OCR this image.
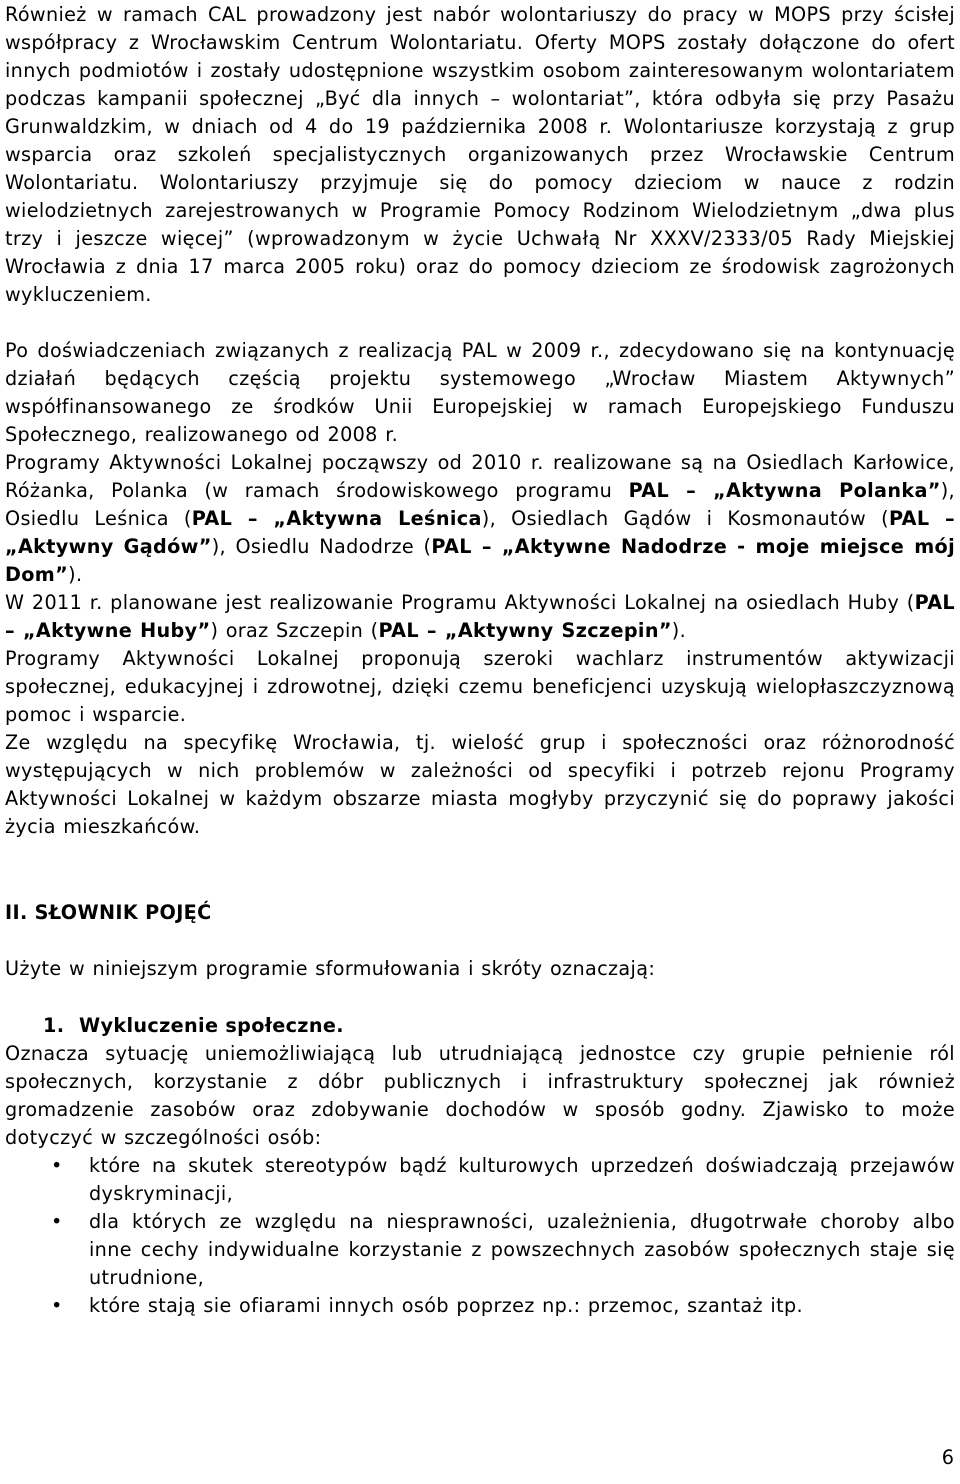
Również w ramach CAL prowadzony jest nabór wolontariuszy do pracy w MOPS przy ścisłej współpracy z Wrocławskim Centrum Wolontariatu. Oferty MOPS zostały dołączone do ofert innych podmiotów i zostały udostępnione wszystkim osobom zainteresowanym wolontariatem podczas kampanii społecznej „Być dla innych – wolontariat”, która odbyła się przy Pasażu Grunwaldzkim, w dniach od 4 do 19 października 2008 r. Wolontariusze korzystają z grup wsparcia oraz szkoleń specjalistycznych organizowanych przez Wrocławskie Centrum Wolontariatu. Wolontariuszy przyjmuje się do pomocy dzieciom w nauce z rodzin wielodzietnych zarejestrowanych w Programie Pomocy Rodzinom Wielodzietnym „dwa plus trzy i jeszcze więcej” (wprowadzonym w życie Uchwałą Nr XXXV/2333/05 Rady Miejskiej Wrocławia z dnia 17 marca 2005 roku) oraz do pomocy dzieciom ze środowisk zagrożonych wykluczeniem.

Po doświadczeniach związanych z realizacją PAL w 2009 r., zdecydowano się na kontynuację działań będących częścią projektu systemowego „Wrocław Miastem Aktywnych” współfinansowanego ze środków Unii Europejskiej w ramach Europejskiego Funduszu Społecznego, realizowanego od 2008 r.

Programy Aktywności Lokalnej począwszy od 2010 r. realizowane są na Osiedlach Karłowice, Różanka, Polanka (w ramach środowiskowego programu PAL – „Aktywna Polanka”), Osiedlu Leśnica (PAL – „Aktywna Leśnica), Osiedlach Gądów i Kosmonautów (PAL – „Aktywny Gądów”), Osiedlu Nadodrze (PAL – „Aktywne Nadodrze - moje miejsce mój Dom”).

W 2011 r. planowane jest realizowanie Programu Aktywności Lokalnej na osiedlach Huby (PAL – „Aktywne Huby”) oraz Szczepin (PAL – „Aktywny Szczepin”).

Programy Aktywności Lokalnej proponują szeroki wachlarz instrumentów aktywizacji społecznej, edukacyjnej i zdrowotnej, dzięki czemu beneficjenci uzyskują wielopłaszczyznową pomoc i wsparcie.

Ze względu na specyfikę Wrocławia, tj. wielość grup i społeczności oraz różnorodność występujących w nich problemów w zależności od specyfiki i potrzeb rejonu Programy Aktywności Lokalnej w każdym obszarze miasta mogłyby przyczynić się do poprawy jakości życia mieszkańców.

II. SŁOWNIK POJĘĆ

Użyte w niniejszym programie sformułowania i skróty oznaczają:

1. Wykluczenie społeczne.

Oznacza sytuację uniemożliwiającą lub utrudniającą jednostce czy grupie pełnienie ról społecznych, korzystanie z dóbr publicznych i infrastruktury społecznej jak również gromadzenie zasobów oraz zdobywanie dochodów w sposób godny. Zjawisko to może dotyczyć w szczególności osób:

• które na skutek stereotypów bądź kulturowych uprzedzeń doświadczają przejawów dyskryminacji,
• dla których ze względu na niesprawności, uzależnienia, długotrwałe choroby albo inne cechy indywidualne korzystanie z powszechnych zasobów społecznych staje się utrudnione,
• które stają sie ofiarami innych osób poprzez np.: przemoc, szantaż itp.
6
